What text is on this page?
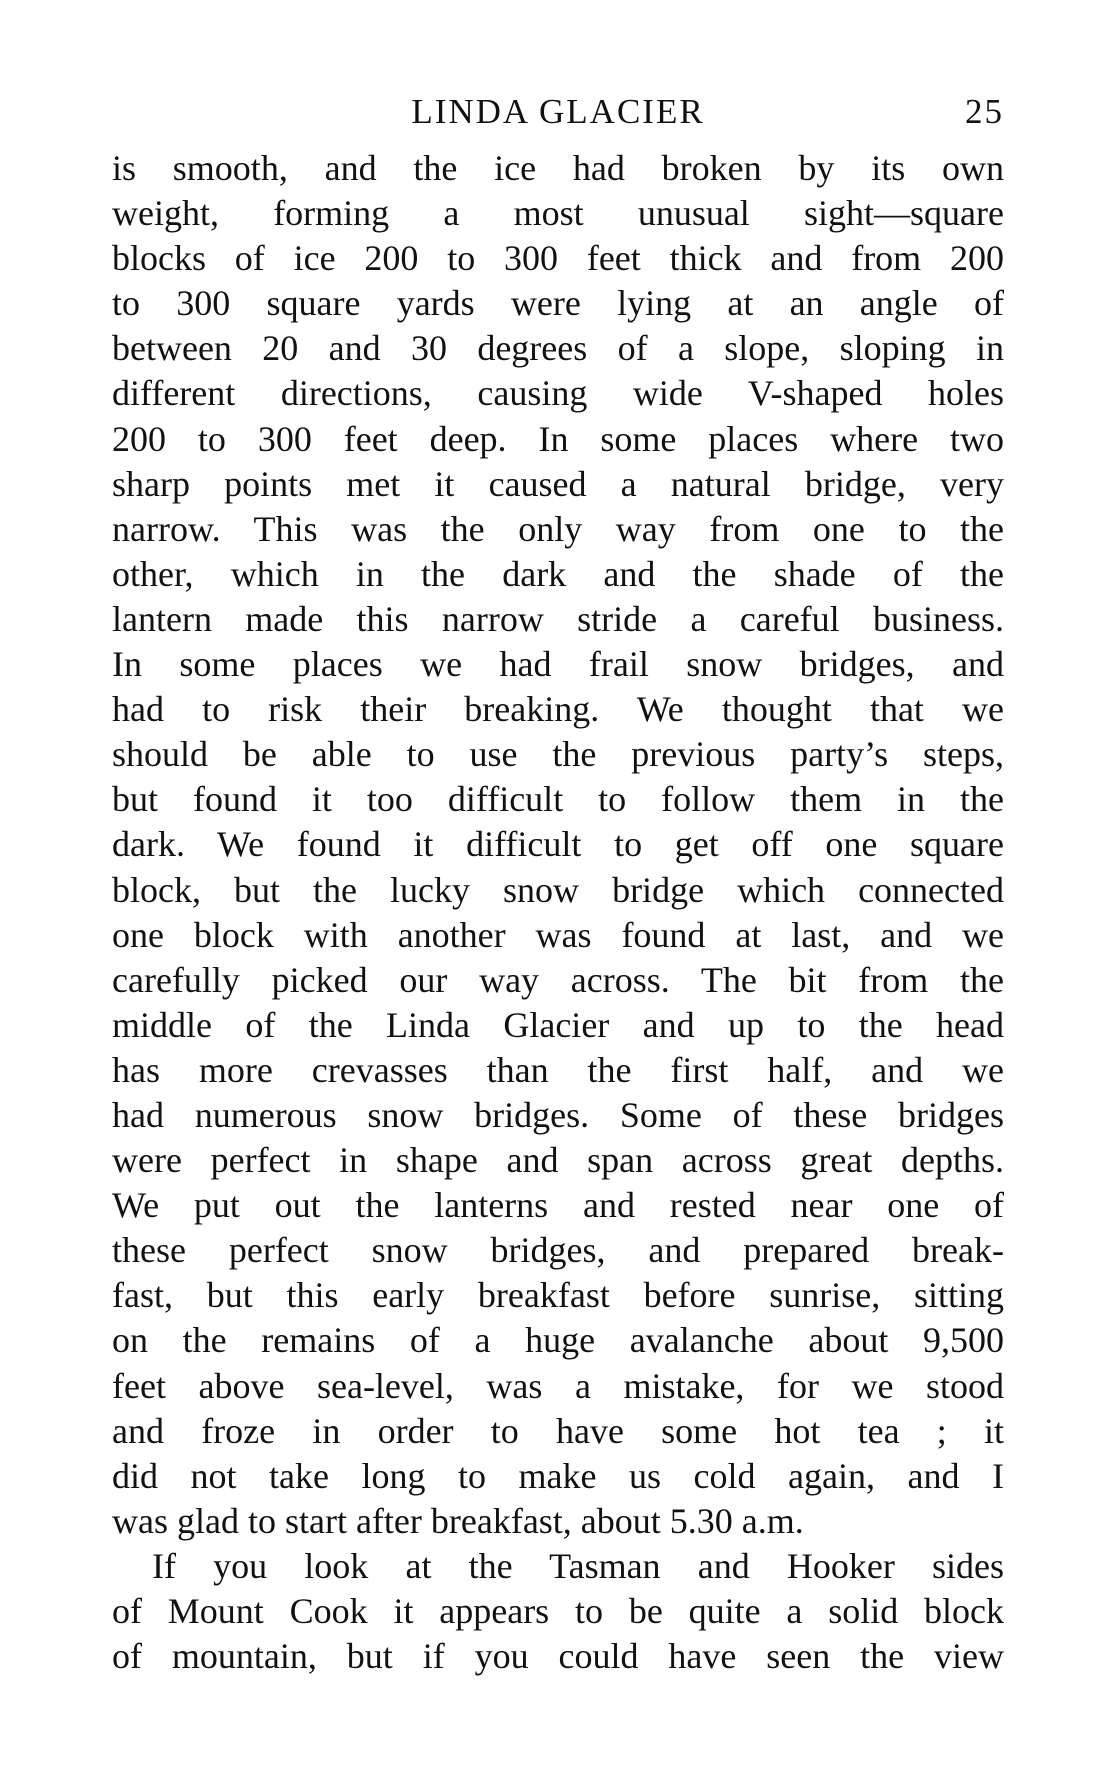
LINDA GLACIER	25
is smooth, and the ice had broken by its own
weight, forming a most unusual sight—square
blocks of ice 200 to 300 feet thick and from 200
to 300 square yards were lying at an angle of
between 20 and 30 degrees of a slope, sloping in
different directions, causing wide V-shaped holes
200 to 300 feet deep. In some places where two
sharp points met it caused a natural bridge, very
narrow. This was the only way from one to the
other, which in the dark and the shade of the
lantern made this narrow stride a careful business.
In some places we had frail snow bridges, and
had to risk their breaking. We thought that we
should be able to use the previous party’s steps,
but found it too difficult to follow them in the
dark. We found it difficult to get off one square
block, but the lucky snow bridge which connected
one block with another was found at last, and we
carefully picked our way across. The bit from the
middle of the Linda Glacier and up to the head
has more crevasses than the first half, and we
had numerous snow bridges. Some of these bridges
were perfect in shape and span across great depths.
We put out the lanterns and rested near one of
these perfect snow bridges, and prepared break-
fast, but this early breakfast before sunrise, sitting
on the remains of a huge avalanche about 9,500
feet above sea-level, was a mistake, for we stood
and froze in order to have some hot tea ; it
did not take long to make us cold again, and I
was glad to start after breakfast, about 5.30 a.m.
If you look at the Tasman and Hooker sides
of Mount Cook it appears to be quite a solid block
of mountain, but if you could have seen the view
